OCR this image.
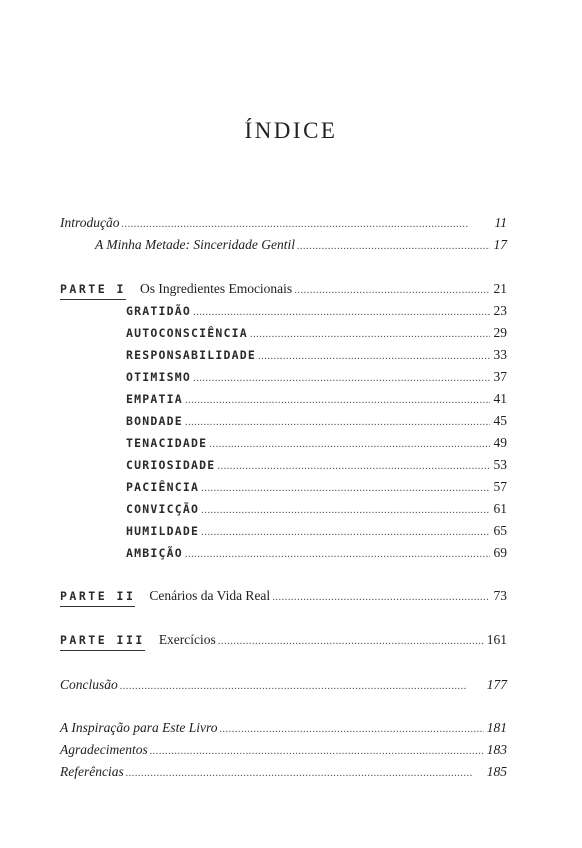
ÍNDICE
Introdução . . .	11
A Minha Metade: Sinceridade Gentil . . .	17
PARTE I Os Ingredientes Emocionais . . .	21
GRATIDÃO . . .	23
AUTOCONSCIÊNCIA . . .	29
RESPONSABILIDADE . . .	33
OTIMISMO . . .	37
EMPATIA . . .	41
BONDADE . . .	45
TENACIDADE . . .	49
CURIOSIDADE . . .	53
PACIÊNCIA . . .	57
CONVICÇÃO . . .	61
HUMILDADE . . .	65
AMBIÇÃO . . .	69
PARTE II Cenários da Vida Real . . .	73
PARTE III Exercícios . . .	161
Conclusão . . .	177
A Inspiração para Este Livro . . .	181
Agradecimentos . . .	183
Referências . . .	185
